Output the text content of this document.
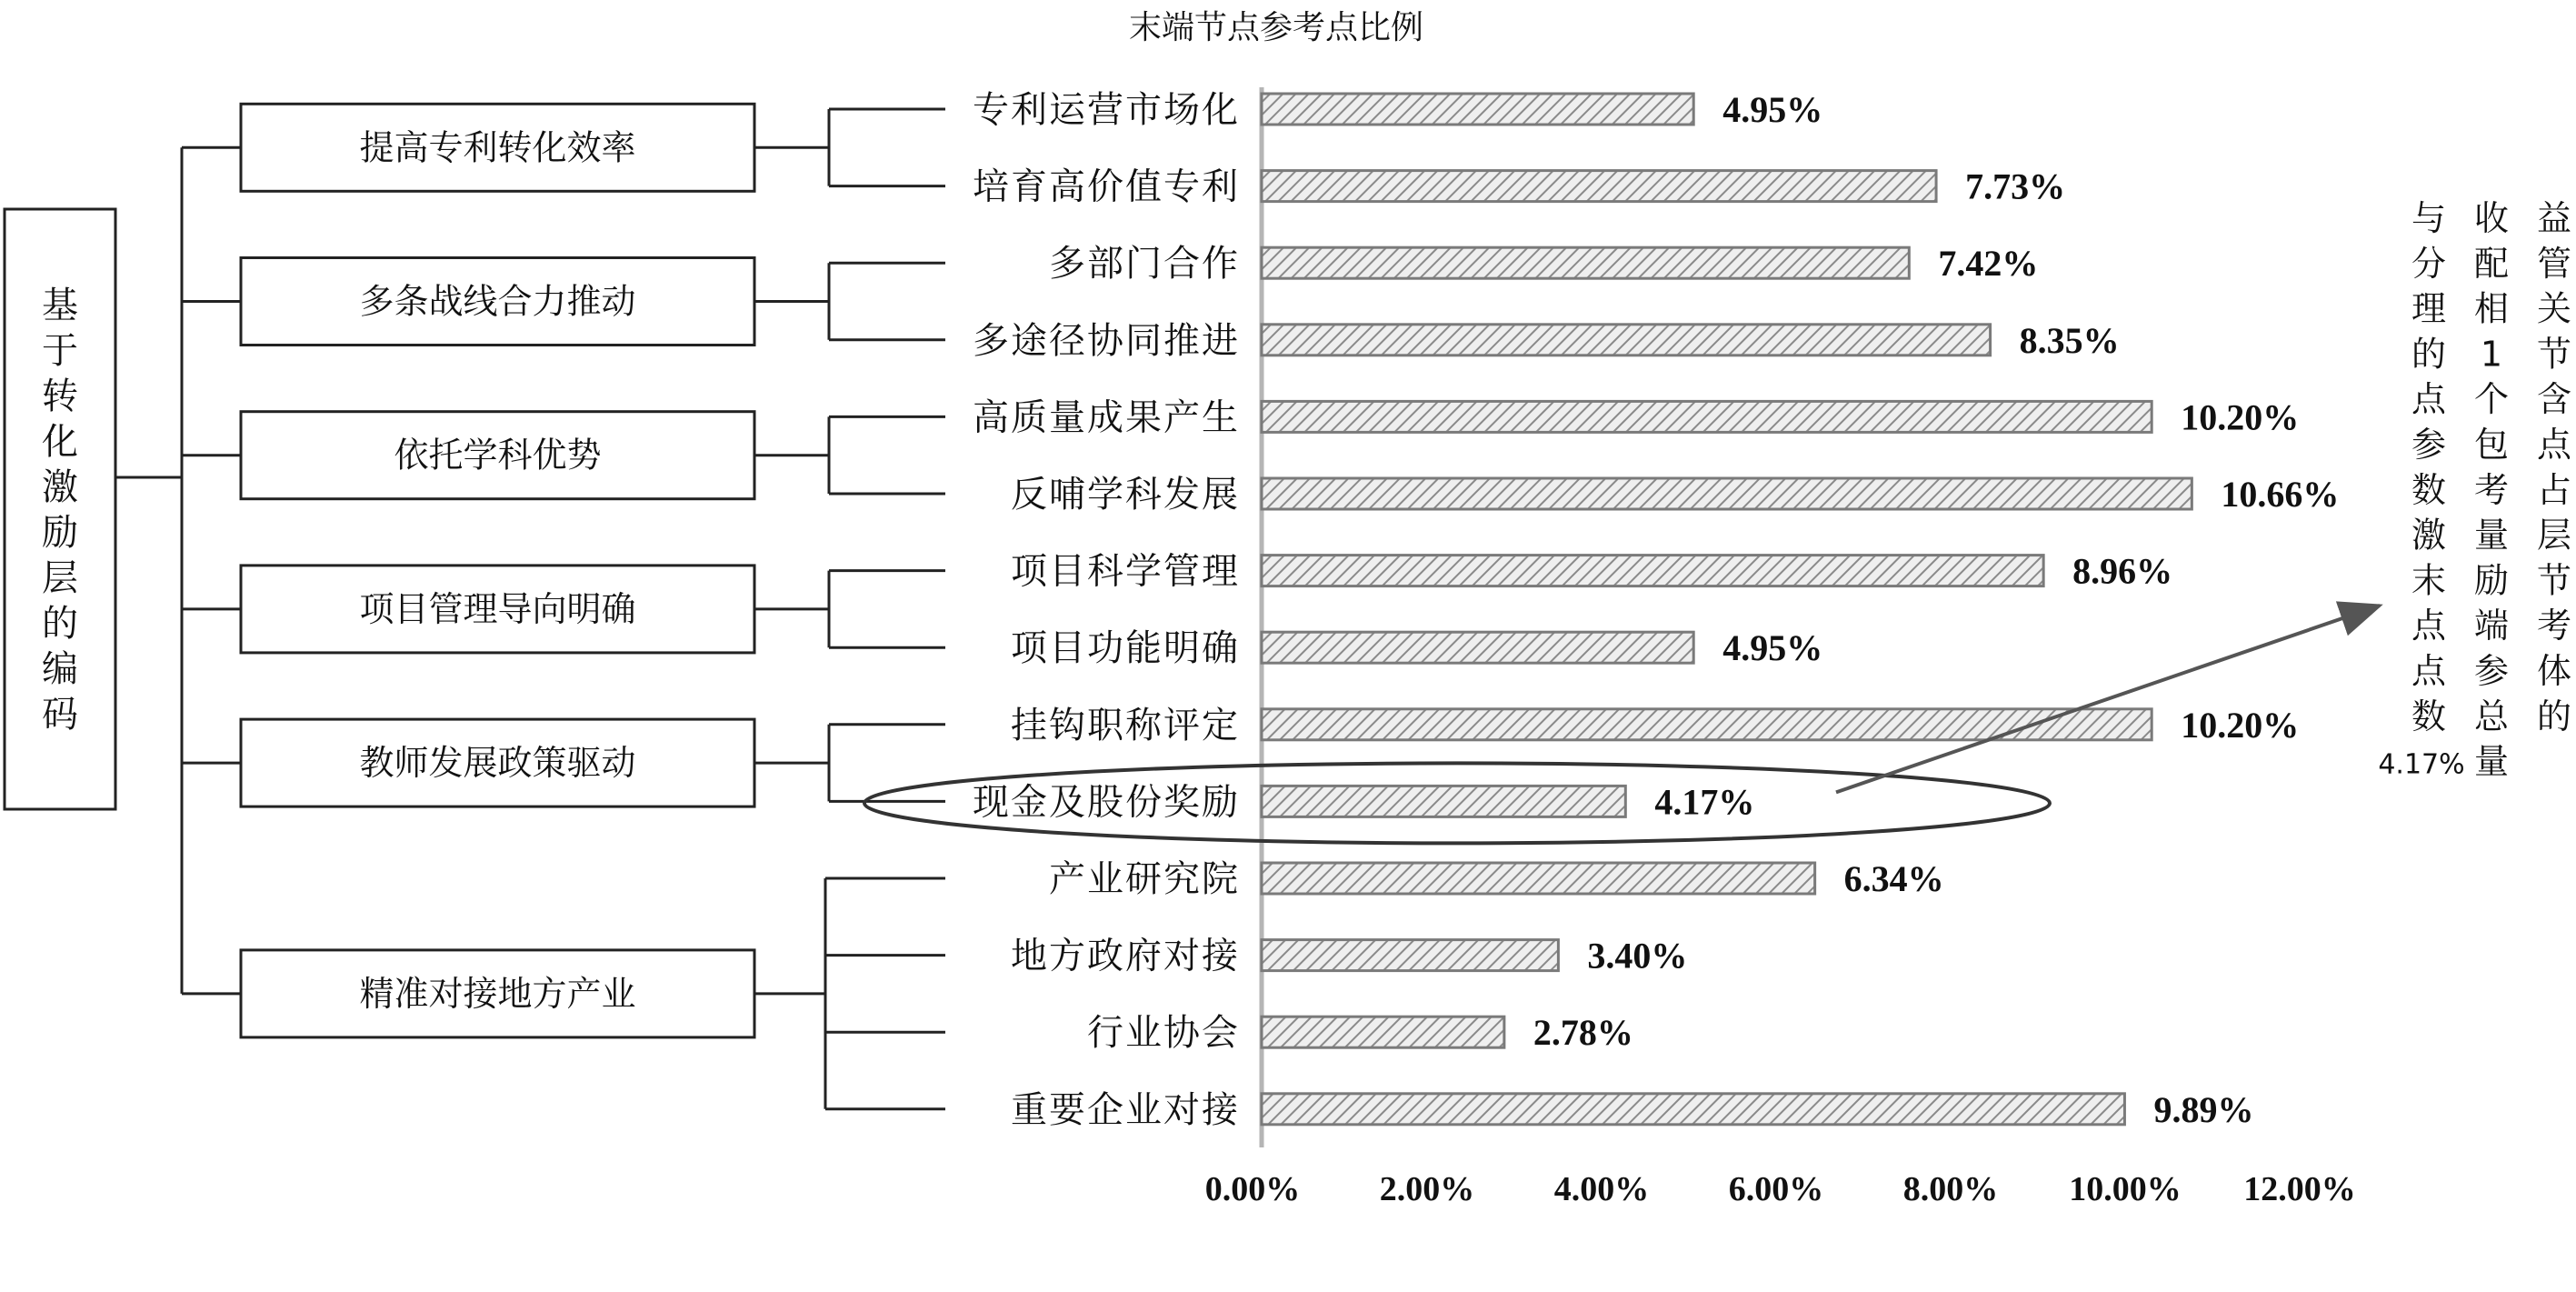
末端节点参考点比例
基
于
转
化
激
励
层
的
编
码
提高专利转化效率
多条战线合力推动
依托学科优势
项目管理导向明确
教师发展政策驱动
精准对接地方产业
专利运营市场化
培育高价值专利
多部门合作
多途径协同推进
高质量成果产生
反哺学科发展
项目科学管理
项目功能明确
挂钩职称评定
现金及股份奖励
产业研究院
地方政府对接
行业协会
重要企业对接
4.95%
7.73%
7.42%
8.35%
10.20%
10.66%
8.96%
4.95%
10.20%
4.17%
6.34%
3.40%
2.78%
9.89%
0.00% 2.00% 4.00% 6.00% 8.00% 10.00% 12.00%
益管关节含点占层节考体的
收配相 1 个包考量励端参总量
与分理的点参数激末点点数 4.17%
